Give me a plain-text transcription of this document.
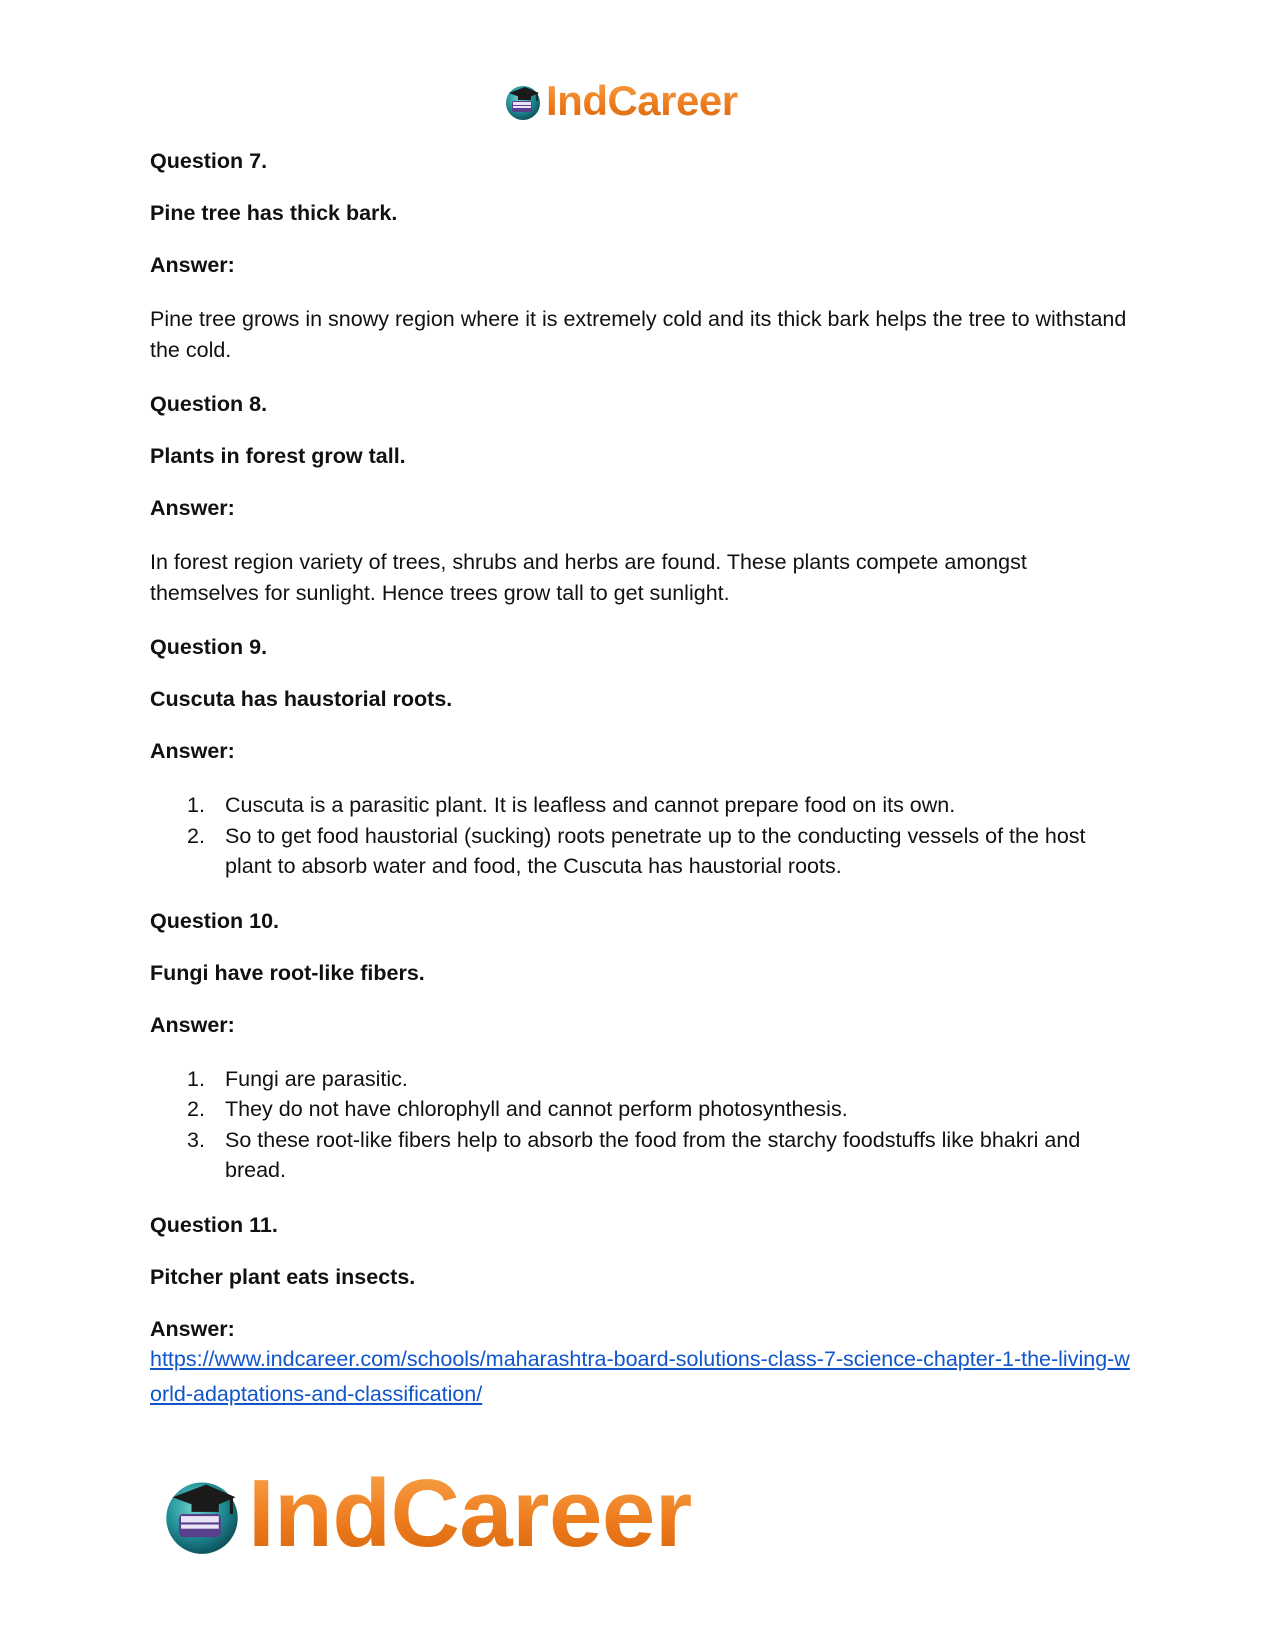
IndCareer

Question 7.

Pine tree has thick bark.

Answer:

Pine tree grows in snowy region where it is extremely cold and its thick bark helps the tree to withstand the cold.

Question 8.

Plants in forest grow tall.

Answer:

In forest region variety of trees, shrubs and herbs are found. These plants compete amongst themselves for sunlight. Hence trees grow tall to get sunlight.

Question 9.

Cuscuta has haustorial roots.

Answer:

1. Cuscuta is a parasitic plant. It is leafless and cannot prepare food on its own.
2. So to get food haustorial (sucking) roots penetrate up to the conducting vessels of the host plant to absorb water and food, the Cuscuta has haustorial roots.

Question 10.

Fungi have root-like fibers.

Answer:

1. Fungi are parasitic.
2. They do not have chlorophyll and cannot perform photosynthesis.
3. So these root-like fibers help to absorb the food from the starchy foodstuffs like bhakri and bread.

Question 11.

Pitcher plant eats insects.

Answer:

https://www.indcareer.com/schools/maharashtra-board-solutions-class-7-science-chapter-1-the-living-world-adaptations-and-classification/
IndCareer
